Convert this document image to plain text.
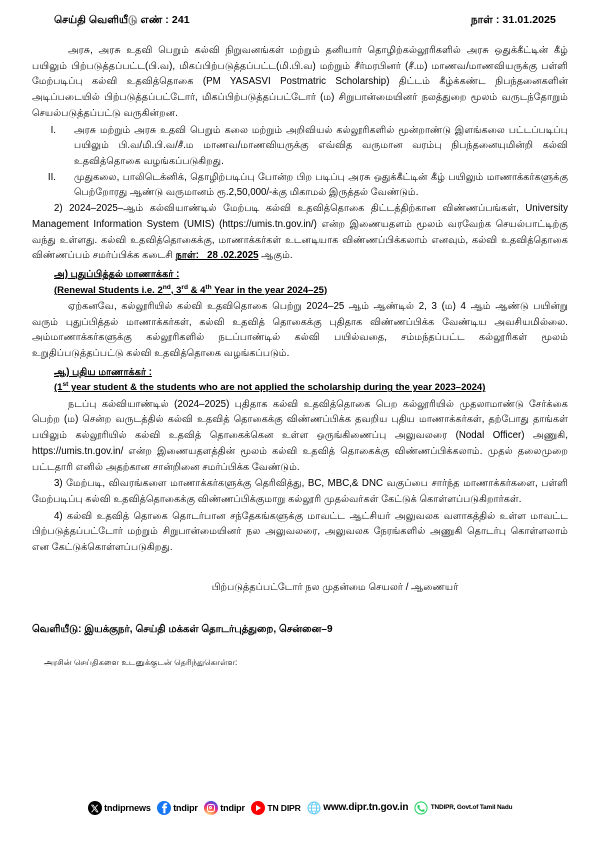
செய்தி வெளியீடு எண் : 241	நாள் : 31.01.2025

அரசு, அரசு உதவி பெறும் கல்வி நிறுவனங்கள் மற்றும் தனியார் தொழிற்கல்லூரிகளில் அரசு ஒதுக்கீட்டின் கீழ் பயிலும் பிற்படுத்தப்பட்ட(பி.வ), மிகப்பிற்படுத்தப்பட்ட(மி.பி.வ) மற்றும் சீர்மரபினர் (சீ.ம) மாணவ/மாணவியருக்கு பள்ளி மேற்படிப்பு கல்வி உதவித்தொகை (PM YASASVI Postmatric Scholarship) திட்டம் கீழ்க்கண்ட நிபந்தனைகளின் அடிப்படையில் பிற்படுத்தப்பட்டோர், மிகப்பிற்படுத்தப்பட்டோர் (ம) சிறுபான்மையினர் நலத்துறை மூலம் வருடந்தோறும் செயல்படுத்தப்பட்டு வருகின்றன.

I.	அரசு மற்றும் அரசு உதவி பெறும் கலை மற்றும் அறிவியல் கல்லூரிகளில் மூன்றாண்டு இளங்கலை பட்டப்படிப்பு பயிலும் பி.வ/மி.பி.வ/சீ.ம மாணவ/மாணவியருக்கு எவ்வித வருமான வரம்பு நிபந்தனையுமின்றி கல்வி உதவித்தொகை வழங்கப்படுகிறது.
II.	முதுகலை, பாலிடெக்னிக், தொழிற்படிப்பு போன்ற பிற படிப்பு அரசு ஒதுக்கீட்டின் கீழ் பயிலும் மாணாக்கர்களுக்கு பெற்றோரது ஆண்டு வருமானம் ரூ.2,50,000/-க்கு மிகாமல் இருத்தல் வேண்டும்.

2) 2024–2025–ஆம் கல்வியாண்டில் மேற்படி கல்வி உதவித்தொகை திட்டத்திற்கான விண்ணப்பங்கள், University Management Information System (UMIS) (https://umis.tn.gov.in/) என்ற இணையதளம் மூலம் வரவேற்க செயல்பாட்டிற்கு வந்து உள்ளது. கல்வி உதவித்தொகைக்கு, மாணாக்கர்கள் உடனடியாக விண்ணப்பிக்கலாம் எனவும், கல்வி உதவித்தொகை விண்ணப்பம் சமர்ப்பிக்க கடைசி நாள்:   28 .02.2025 ஆகும்.

அ) புதுப்பித்தல் மாணாக்கர் :
(Renewal Students i.e. 2nd, 3rd & 4th Year in the year 2024–25)

ஏற்கனவே, கல்லூரியில் கல்வி உதவிதொகை பெற்று 2024–25 ஆம் ஆண்டில் 2, 3 (ம) 4 ஆம் ஆண்டு பயின்று வரும் புதுப்பித்தல் மாணாக்கர்கள், கல்வி உதவித் தொகைக்கு புதிதாக விண்ணப்பிக்க வேண்டிய அவசியமில்லை. அம்மாணாக்கர்களுக்கு கல்லூரிகளில் நடப்பாண்டில் கல்வி பயில்வதை, சம்மந்தப்பட்ட கல்லூரிகள் மூலம் உறுதிப்படுத்தப்பட்டு கல்வி உதவித்தொகை வழங்கப்படும்.

ஆ) புதிய மாணாக்கர் :
(1st year student & the students who are not applied the scholarship during the year 2023–2024)

நடப்பு கல்வியாண்டில் (2024–2025) புதிதாக கல்வி உதவித்தொகை பெற கல்லூரியில் முதலாமாண்டு சேர்க்கை பெற்ற (ம) சென்ற வருடத்தில் கல்வி உதவித் தொகைக்கு விண்ணப்பிக்க தவறிய புதிய மாணாக்கர்கள், தற்போது தாங்கள் பயிலும் கல்லூரியில் கல்வி உதவித் தொகைக்கென உள்ள ஒருங்கிணைப்பு அலுவலரை (Nodal Officer) அணுகி, https://umis.tn.gov.in/ என்ற இணையதளத்தின் மூலம் கல்வி உதவித் தொகைக்கு விண்ணப்பிக்கலாம். முதல் தலைமுறை பட்டதாரி எனில் அதற்கான சான்றினை சமர்ப்பிக்க வேண்டும்.

3) மேற்படி, விவரங்களை மாணாக்கர்களுக்கு தெரிவித்து, BC, MBC,& DNC வகுப்பை சார்ந்த மாணாக்கர்களை, பள்ளி மேற்படிப்பு கல்வி உதவித்தொகைக்கு விண்ணப்பிக்குமாறு கல்லூரி முதல்வர்கள் கேட்டுக் கொள்ளப்படுகிறார்கள்.

4) கல்வி உதவித் தொகை தொடர்பான சந்தேகங்களுக்கு மாவட்ட ஆட்சியர் அலுவலக வளாகத்தில் உள்ள மாவட்ட பிற்படுத்தப்பட்டோர் மற்றும் சிறுபான்மையினர் நல அலுவலரை, அலுவலக நேரங்களில் அணுகி தொடர்பு கொள்ளலாம் என கேட்டுக்கொள்ளப்படுகிறது.

பிற்படுத்தப்பட்டோர் நல முதன்மை செயலர் / ஆணையர்
வெளியீடு: இயக்குநர், செய்தி மக்கள் தொடர்புத்துறை, சென்னை–9
அரசின் செய்திகளை உடனுக்குடன் தெரிந்துகொள்ள:
tndiprnews	tndipr	tndipr	TN DIPR www.dipr.tn.gov.in	TNDIPR, Govt.of Tamil Nadu
